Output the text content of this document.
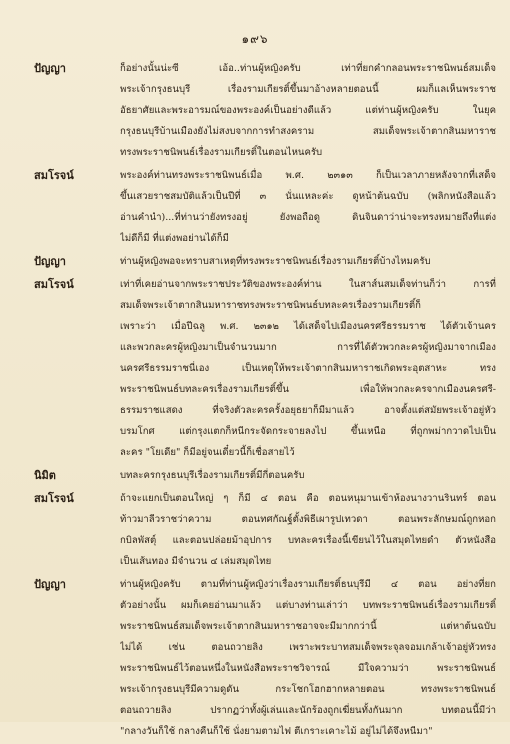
๑๙๖
ปัญญา	ก็อย่างนั้นน่ะซี เอ้อ..ท่านผู้หญิงครับ เท่าที่ยกคำกลอนพระราชนิพนธ์สมเด็จ
พระเจ้ากรุงธนบุรี เรื่องรามเกียรติ์ขึ้นมาอ้างหลายตอนนี้ ผมก็แลเห็นพระราช
อัธยาศัยและพระอารมณ์ของพระองค์เป็นอย่างดีแล้ว แต่ท่านผู้หญิงครับ ในยุค
กรุงธนบุรีบ้านเมืองยังไม่สงบจากการทำสงคราม สมเด็จพระเจ้าตากสินมหาราช
ทรงพระราชนิพนธ์เรื่องรามเกียรติ์ในตอนไหนครับ
สมโรจน์	พระองค์ท่านทรงพระราชนิพนธ์เมื่อ พ.ศ. ๒๓๑๓ ก็เป็นเวลาภายหลังจากที่เสด็จ
ขึ้นเสวยราชสมบัติแล้วเป็นปีที่ ๓ นั่นแหละค่ะ ดูหน้าต้นฉบับ (พลิกหนังสือแล้ว
อ่านคำนำ)...ที่ท่านว่ายังทรงอยู่ ยังพอถือดู ดินจินดาว่าน่าจะทรงหมายถึงที่แต่ง
ไม่ดีก็มี ที่แต่งพอย่านได้ก็มี
ปัญญา	ท่านผู้หญิงพอจะทราบสาเหตุที่ทรงพระราชนิพนธ์เรื่องรามเกียรติ์บ้างไหมครับ
สมโรจน์	เท่าที่เคยอ่านจากพระราชประวัติของพระองค์ท่าน ในสาส์นสมเด็จท่านก็ว่า การที่
สมเด็จพระเจ้าตากสินมหาราชทรงพระราชนิพนธ์บทละครเรื่องรามเกียรติ์ก็
เพราะว่า เมื่อปีฉลู พ.ศ. ๒๓๑๒ ได้เสด็จไปเมืองนครศรีธรรมราช ได้ตัวเจ้านคร
และพวกละครผู้หญิงมาเป็นจำนวนมาก การที่ได้ตัวพวกละครผู้หญิงมาจากเมือง
นครศรีธรรมราชนี่เอง เป็นเหตุให้พระเจ้าตากสินมหาราชเกิดพระอุตสาหะ ทรง
พระราชนิพนธ์บทละครเรื่องรามเกียรติ์ขึ้น เพื่อให้พวกละครจากเมืองนครศรี-
ธรรมราชแสดง ที่จริงตัวละครครั้งอยุธยาก็มีมาแล้ว อาจตั้งแต่สมัยพระเจ้าอยู่หัว
บรมโกศ แต่กรุงแตกก็หนีกระจัดกระจายลงไป ขึ้นเหนือ ที่ถูกพม่ากวาดไปเป็น
ละคร "โยเดีย" ก็มีอยู่จนเดี๋ยวนี้ก็เชื่อสายไว้
นิมิต	บทละครกรุงธนบุรีเรื่องรามเกียรติ์มีกี่ตอนครับ
สมโรจน์	ถ้าจะแยกเป็นตอนใหญ่ ๆ ก็มี ๔ ตอน คือ ตอนหนุมานเข้าห้องนางวานรินทร์ ตอน
ท้าวมาลีวราชว่าความ ตอนทศกัณฐ์ตั้งพิธีเผารูปเทวดา ตอนพระลักษมณ์ถูกหอก
กบิลพัสตุ์ และตอนปล่อยม้าอุปการ บทละครเรื่องนี้เขียนไว้ในสมุดไทยดำ ตัวหนังสือ
เป็นเส้นทอง มีจำนวน ๔ เล่มสมุดไทย
ปัญญา	ท่านผู้หญิงครับ ตามที่ท่านผู้หญิงว่าเรื่องรามเกียรติ์ธนบุรีมี ๔ ตอน อย่างที่ยก
ตัวอย่างนั้น ผมก็เคยอ่านมาแล้ว แต่บางท่านเล่าว่า บทพระราชนิพนธ์เรื่องรามเกียรติ์
พระราชนิพนธ์สมเด็จพระเจ้าตากสินมหาราชอาจจะมีมากกว่านี้ แต่หาต้นฉบับ
ไม่ได้ เช่น ตอนถวายลิง เพราะพระบาทสมเด็จพระจุลจอมเกล้าเจ้าอยู่หัวทรง
พระราชนิพนธ์ไว้ตอนหนึ่งในหนังสือพระราชวิจารณ์ มีใจความว่า พระราชนิพนธ์
พระเจ้ากรุงธนบุรีมีความดูดัน กระโชกโฮกฮากหลายตอน ทรงพระราชนิพนธ์
ตอนถวายลิง ปรากฏว่าทั้งผู้เล่นและนักร้องถูกเฆี่ยนทั้งกันมาก บทตอนนี้มีว่า
"กลางวันก็ใช้ กลางคืนก็ใช้ นั่งยามตามไฟ ตีเกราะเคาะไม้ อยู่ไม่ได้จึงหนีมา"
